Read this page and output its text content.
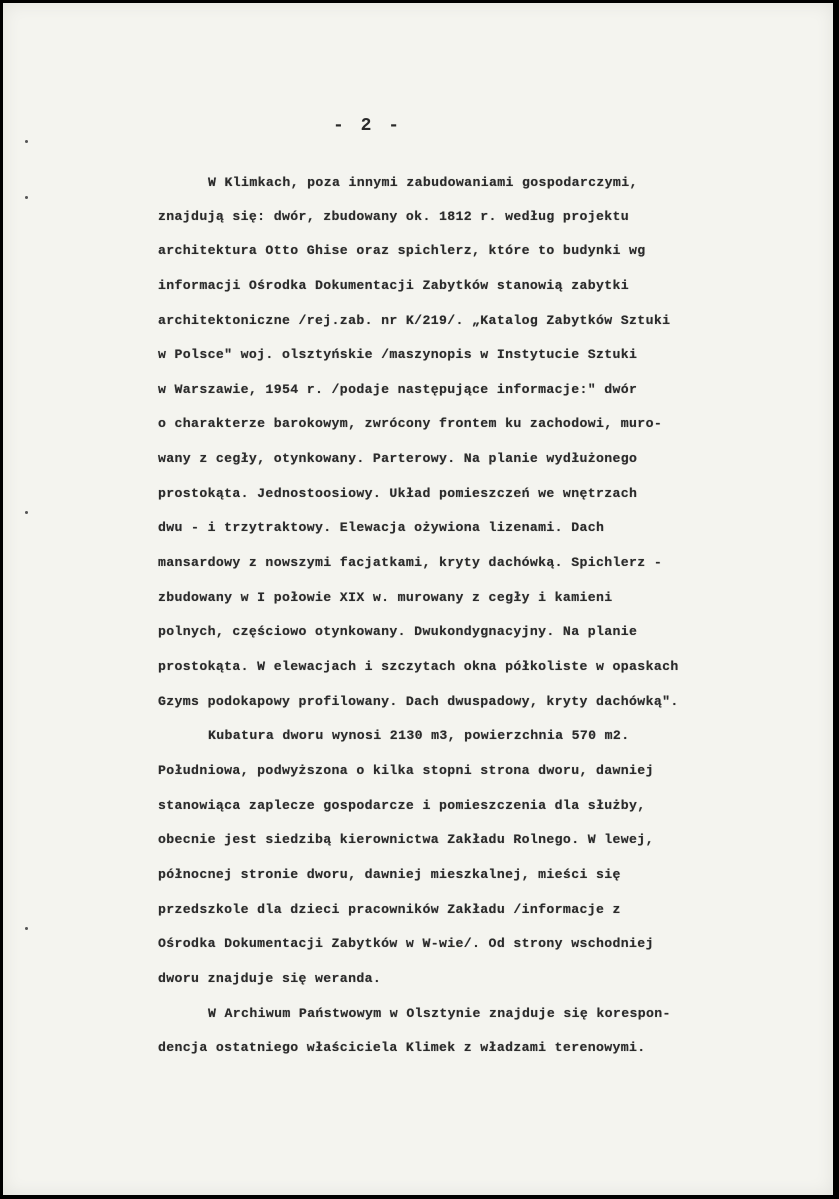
- 2 -
W Klimkach, poza innymi zabudowaniami gospodarczymi,
znajdują się: dwór, zbudowany ok. 1812 r. według projektu
architektura Otto Ghise oraz spichlerz, które to budynki wg
informacji Ośrodka Dokumentacji Zabytków stanowią zabytki
architektoniczne /rej.zab. nr K/219/. „Katalog Zabytków Sztuki
w Polsce" woj. olsztyńskie /maszynopis w Instytucie Sztuki
w Warszawie, 1954 r. /podaje następujące informacje:" dwór
o charakterze barokowym, zwrócony frontem ku zachodowi, muro-
wany z cegły, otynkowany. Parterowy. Na planie wydłużonego
prostokąta. Jednostoosiowy. Układ pomieszczeń we wnętrzach
dwu - i trzytraktowy. Elewacja ożywiona lizenami. Dach
mansardowy z nowszymi facjatkami, kryty dachówką. Spichlerz -
zbudowany w I połowie XIX w. murowany z cegły i kamieni
polnych, częściowo otynkowany. Dwukondygnacyjny. Na planie
prostokąta. W elewacjach i szczytach okna półkoliste w opaskach
Gzyms podokapowy profilowany. Dach dwuspadowy, kryty dachówką".
Kubatura dworu wynosi 2130 m3, powierzchnia 570 m2.
Południowa, podwyższona o kilka stopni strona dworu, dawniej
stanowiąca zaplecze gospodarcze i pomieszczenia dla służby,
obecnie jest siedzibą kierownictwa Zakładu Rolnego. W lewej,
północnej stronie dworu, dawniej mieszkalnej, mieści się
przedszkole dla dzieci pracowników Zakładu /informacje z
Ośrodka Dokumentacji Zabytków w W-wie/. Od strony wschodniej
dworu znajduje się weranda.
W Archiwum Państwowym w Olsztynie znajduje się korespon-
dencja ostatniego właściciela Klimek z władzami terenowymi.
